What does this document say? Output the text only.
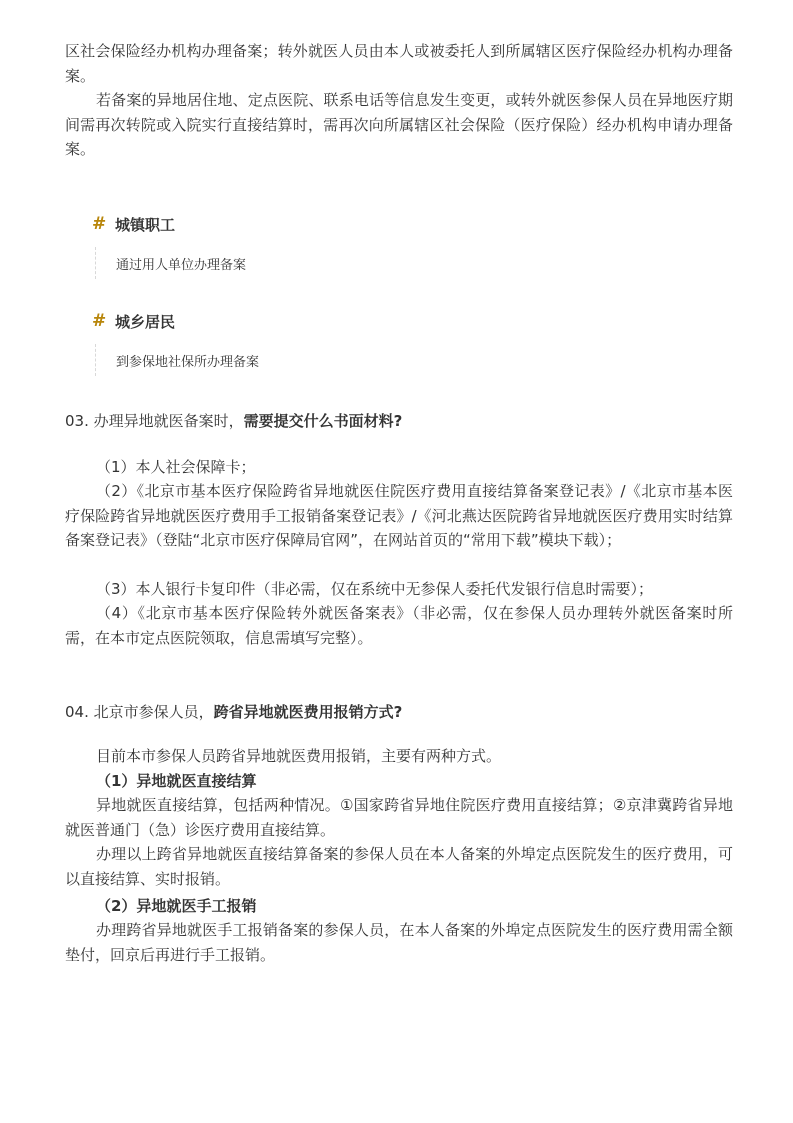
区社会保险经办机构办理备案；转外就医人员由本人或被委托人到所属辖区医疗保险经办机构办理备案。

若备案的异地居住地、定点医院、联系电话等信息发生变更，或转外就医参保人员在异地医疗期间需再次转院或入院实行直接结算时，需再次向所属辖区社会保险（医疗保险）经办机构申请办理备案。

# 城镇职工
通过用人单位办理备案
# 城乡居民
到参保地社保所办理备案

03. 办理异地就医备案时，需要提交什么书面材料?

（1）本人社会保障卡；

（2）《北京市基本医疗保险跨省异地就医住院医疗费用直接结算备案登记表》/《北京市基本医疗保险跨省异地就医医疗费用手工报销备案登记表》/《河北燕达医院跨省异地就医医疗费用实时结算备案登记表》（登陆“北京市医疗保障局官网”，在网站首页的“常用下载”模块下载）；

（3）本人银行卡复印件（非必需，仅在系统中无参保人委托代发银行信息时需要）；

（4）《北京市基本医疗保险转外就医备案表》（非必需，仅在参保人员办理转外就医备案时所需，在本市定点医院领取，信息需填写完整）。

04. 北京市参保人员，跨省异地就医费用报销方式?

目前本市参保人员跨省异地就医费用报销，主要有两种方式。

（1）异地就医直接结算

异地就医直接结算，包括两种情况。①国家跨省异地住院医疗费用直接结算；②京津冀跨省异地就医普通门（急）诊医疗费用直接结算。

办理以上跨省异地就医直接结算备案的参保人员在本人备案的外埠定点医院发生的医疗费用，可以直接结算、实时报销。

（2）异地就医手工报销

办理跨省异地就医手工报销备案的参保人员，在本人备案的外埠定点医院发生的医疗费用需全额垫付，回京后再进行手工报销。
